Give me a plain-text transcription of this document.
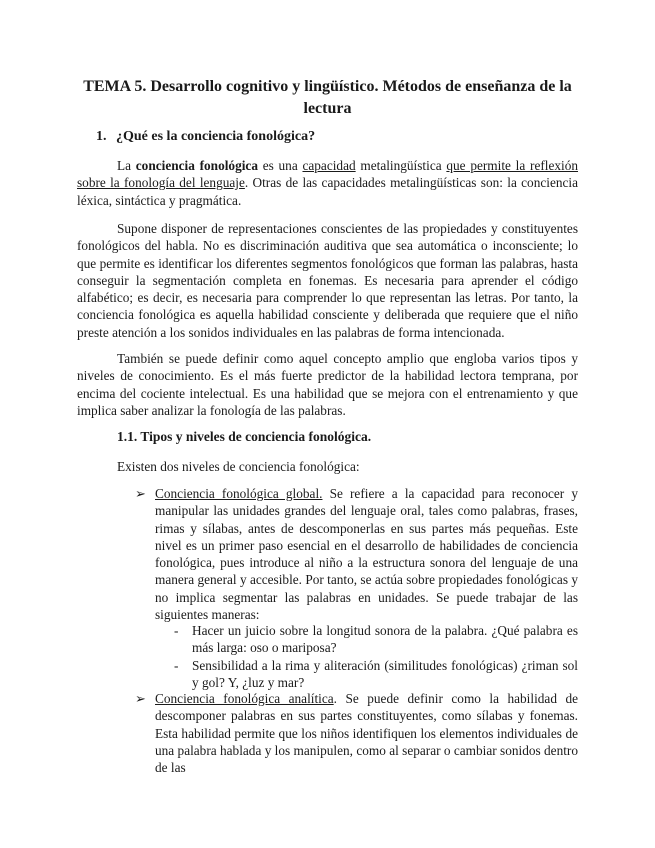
TEMA 5. Desarrollo cognitivo y lingüístico. Métodos de enseñanza de la lectura
1. ¿Qué es la conciencia fonológica?

La conciencia fonológica es una capacidad metalingüística que permite la reflexión sobre la fonología del lenguaje. Otras de las capacidades metalingüísticas son: la conciencia léxica, sintáctica y pragmática.

Supone disponer de representaciones conscientes de las propiedades y constituyentes fonológicos del habla. No es discriminación auditiva que sea automática o inconsciente; lo que permite es identificar los diferentes segmentos fonológicos que forman las palabras, hasta conseguir la segmentación completa en fonemas. Es necesaria para aprender el código alfabético; es decir, es necesaria para comprender lo que representan las letras. Por tanto, la conciencia fonológica es aquella habilidad consciente y deliberada que requiere que el niño preste atención a los sonidos individuales en las palabras de forma intencionada.

También se puede definir como aquel concepto amplio que engloba varios tipos y niveles de conocimiento. Es el más fuerte predictor de la habilidad lectora temprana, por encima del cociente intelectual. Es una habilidad que se mejora con el entrenamiento y que implica saber analizar la fonología de las palabras.

1.1. Tipos y niveles de conciencia fonológica.

Existen dos niveles de conciencia fonológica:

➢ Conciencia fonológica global. Se refiere a la capacidad para reconocer y manipular las unidades grandes del lenguaje oral, tales como palabras, frases, rimas y sílabas, antes de descomponerlas en sus partes más pequeñas. Este nivel es un primer paso esencial en el desarrollo de habilidades de conciencia fonológica, pues introduce al niño a la estructura sonora del lenguaje de una manera general y accesible. Por tanto, se actúa sobre propiedades fonológicas y no implica segmentar las palabras en unidades. Se puede trabajar de las siguientes maneras:

-	Hacer un juicio sobre la longitud sonora de la palabra. ¿Qué palabra es más larga: oso o mariposa?

-	Sensibilidad a la rima y aliteración (similitudes fonológicas) ¿riman sol y gol? Y, ¿luz y mar?

➢ Conciencia fonológica analítica. Se puede definir como la habilidad de descomponer palabras en sus partes constituyentes, como sílabas y fonemas. Esta habilidad permite que los niños identifiquen los elementos individuales de una palabra hablada y los manipulen, como al separar o cambiar sonidos dentro de las
